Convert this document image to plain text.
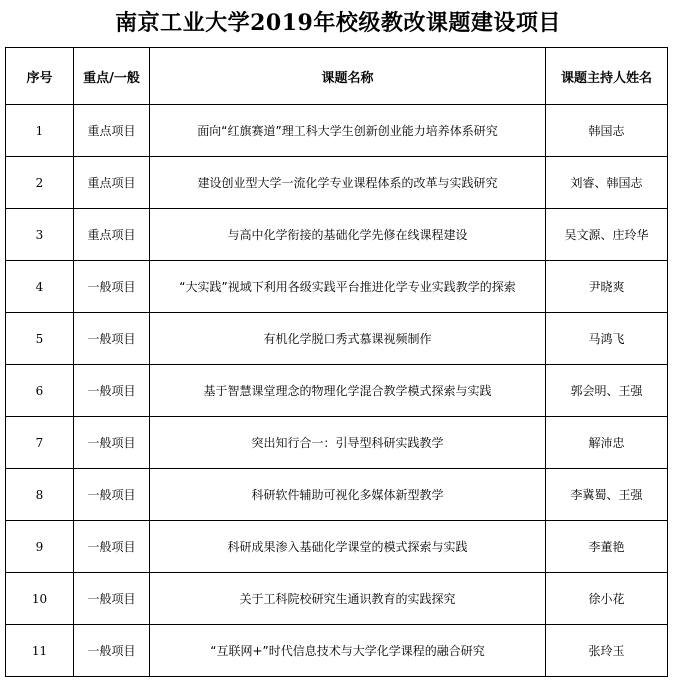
南京工业大学2019年校级教改课题建设项目
序号	重点/一般	课题名称	课题主持人姓名
1	重点项目	面向“红旗赛道”理工科大学生创新创业能力培养体系研究	韩国志
2	重点项目	建设创业型大学一流化学专业课程体系的改革与实践研究	刘睿、韩国志
3	重点项目	与高中化学衔接的基础化学先修在线课程建设	吴文源、庄玲华
4	一般项目	“大实践”视域下利用各级实践平台推进化学专业实践教学的探索	尹晓爽
5	一般项目	有机化学脱口秀式慕课视频制作	马鸿飞
6	一般项目	基于智慧课堂理念的物理化学混合教学模式探索与实践	郭会明、王强
7	一般项目	突出知行合一：引导型科研实践教学	解沛忠
8	一般项目	科研软件辅助可视化多媒体新型教学	李冀蜀、王强
9	一般项目	科研成果渗入基础化学课堂的模式探索与实践	李董艳
10	一般项目	关于工科院校研究生通识教育的实践探究	徐小花
11	一般项目	“互联网+”时代信息技术与大学化学课程的融合研究	张玲玉
